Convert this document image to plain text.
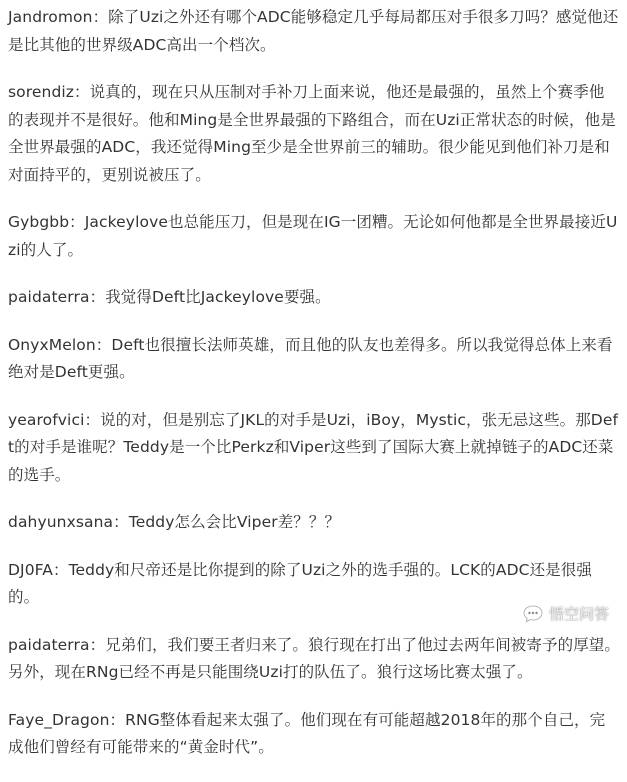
Jandromon：除了Uzi之外还有哪个ADC能够稳定几乎每局都压对手很多刀吗？感觉他还是比其他的世界级ADC高出一个档次。

sorendiz：说真的，现在只从压制对手补刀上面来说，他还是最强的，虽然上个赛季他的表现并不是很好。他和Ming是全世界最强的下路组合，而在Uzi正常状态的时候，他是全世界最强的ADC，我还觉得Ming至少是全世界前三的辅助。很少能见到他们补刀是和对面持平的，更别说被压了。

Gybgbb：Jackeylove也总能压刀，但是现在IG一团糟。无论如何他都是全世界最接近Uzi的人了。

paidaterra：我觉得Deft比Jackeylove要强。

OnyxMelon：Deft也很擅长法师英雄，而且他的队友也差得多。所以我觉得总体上来看绝对是Deft更强。

yearofvici：说的对，但是别忘了JKL的对手是Uzi，iBoy，Mystic，张无忌这些。那Deft的对手是谁呢？Teddy是一个比Perkz和Viper这些到了国际大赛上就掉链子的ADC还菜的选手。

dahyunxsana：Teddy怎么会比Viper差？？？

DJ0FA：Teddy和尺帝还是比你提到的除了Uzi之外的选手强的。LCK的ADC还是很强的。

paidaterra：兄弟们，我们要王者归来了。狼行现在打出了他过去两年间被寄予的厚望。另外，现在RNg已经不再是只能围绕Uzi打的队伍了。狼行这场比赛太强了。

Faye_Dragon：RNG整体看起来太强了。他们现在有可能超越2018年的那个自己，完成他们曾经有可能带来的“黄金时代”。

悟空问答
